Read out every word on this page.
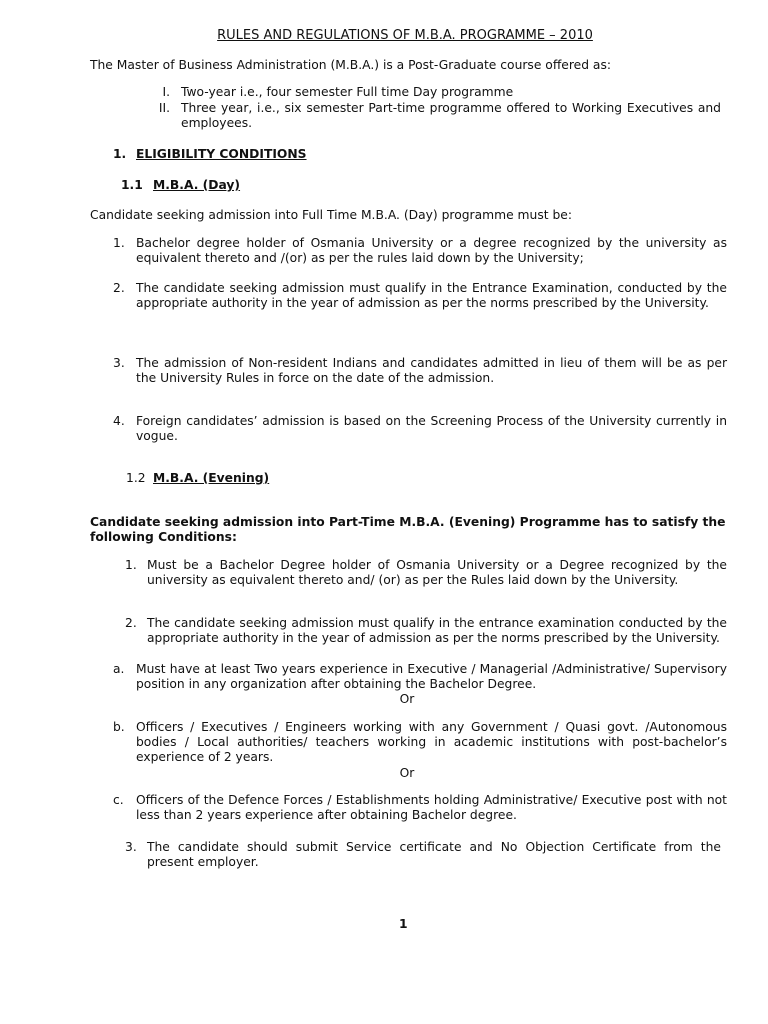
RULES AND REGULATIONS OF M.B.A. PROGRAMME – 2010
The Master of Business Administration (M.B.A.) is a Post-Graduate course offered as:
I. Two-year i.e., four semester Full time Day programme
II. Three year, i.e., six semester Part-time programme offered to Working Executives and employees.
1. ELIGIBILITY CONDITIONS
1.1 M.B.A. (Day)
Candidate seeking admission into Full Time M.B.A. (Day) programme must be:
1. Bachelor degree holder of Osmania University or a degree recognized by the university as equivalent thereto and /(or) as per the rules laid down by the University;
2. The candidate seeking admission must qualify in the Entrance Examination, conducted by the appropriate authority in the year of admission as per the norms prescribed by the University.
3. The admission of Non-resident Indians and candidates admitted in lieu of them will be as per the University Rules in force on the date of the admission.
4. Foreign candidates’ admission is based on the Screening Process of the University currently in vogue.
1.2 M.B.A. (Evening)
Candidate seeking admission into Part-Time M.B.A. (Evening) Programme has to satisfy the following Conditions:
1. Must be a Bachelor Degree holder of Osmania University or a Degree recognized by the university as equivalent thereto and/ (or) as per the Rules laid down by the University.
2. The candidate seeking admission must qualify in the entrance examination conducted by the appropriate authority in the year of admission as per the norms prescribed by the University.
a. Must have at least Two years experience in Executive / Managerial /Administrative/ Supervisory position in any organization after obtaining the Bachelor Degree.
Or
b. Officers / Executives / Engineers working with any Government / Quasi govt. /Autonomous bodies / Local authorities/ teachers working in academic institutions with post-bachelor’s experience of 2 years.
Or
c. Officers of the Defence Forces / Establishments holding Administrative/ Executive post with not less than 2 years experience after obtaining Bachelor degree.
3. The candidate should submit Service certificate and No Objection Certificate from the present employer.
1
